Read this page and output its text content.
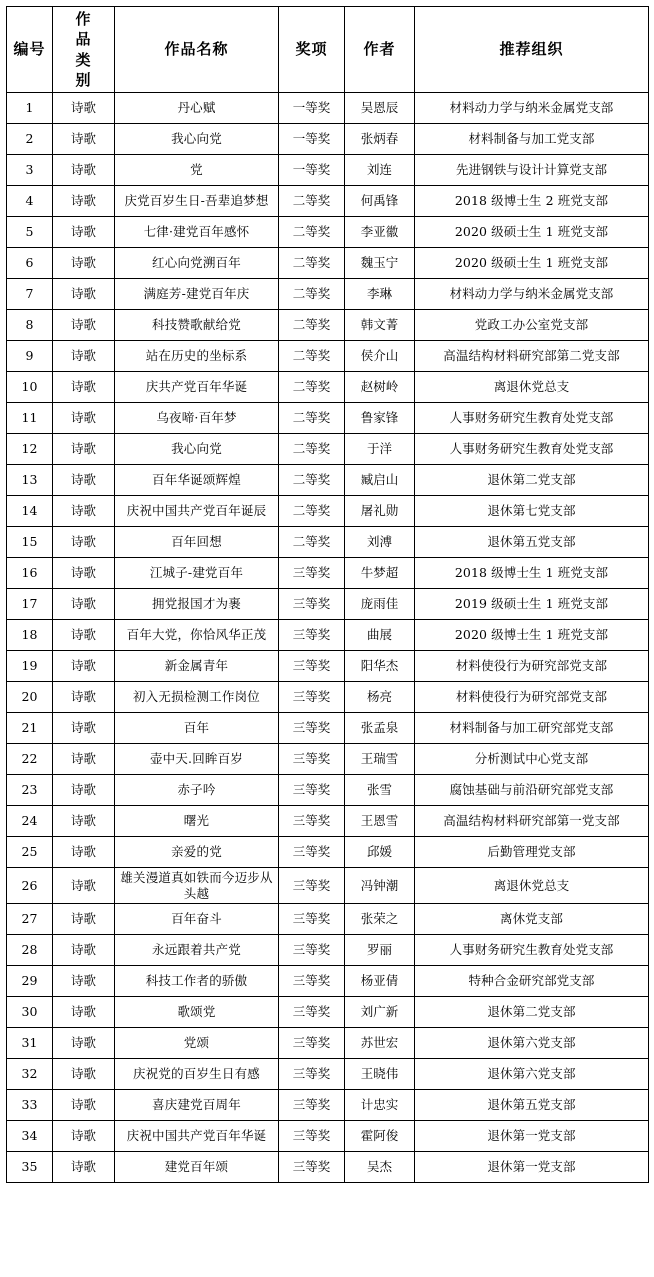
编号	作品类别	作品名称	奖项	作者	推荐组织
1	诗歌	丹心赋	一等奖	吴恩辰	材料动力学与纳米金属党支部
2	诗歌	我心向党	一等奖	张炳春	材料制备与加工党支部
3	诗歌	党	一等奖	刘连	先进钢铁与设计计算党支部
4	诗歌	庆党百岁生日-吾辈追梦想	二等奖	何禹锋	2018 级博士生 2 班党支部
5	诗歌	七律·建党百年感怀	二等奖	李亚徽	2020 级硕士生 1 班党支部
6	诗歌	红心向党溯百年	二等奖	魏玉宁	2020 级硕士生 1 班党支部
7	诗歌	满庭芳-建党百年庆	二等奖	李琳	材料动力学与纳米金属党支部
8	诗歌	科技赞歌献给党	二等奖	韩文菁	党政工办公室党支部
9	诗歌	站在历史的坐标系	二等奖	侯介山	高温结构材料研究部第二党支部
10	诗歌	庆共产党百年华诞	二等奖	赵树岭	离退休党总支
11	诗歌	乌夜啼·百年梦	二等奖	鲁家锋	人事财务研究生教育处党支部
12	诗歌	我心向党	二等奖	于洋	人事财务研究生教育处党支部
13	诗歌	百年华诞颂辉煌	二等奖	臧启山	退休第二党支部
14	诗歌	庆祝中国共产党百年诞辰	二等奖	屠礼勋	退休第七党支部
15	诗歌	百年回想	二等奖	刘溥	退休第五党支部
16	诗歌	江城子-建党百年	三等奖	牛梦超	2018 级博士生 1 班党支部
17	诗歌	拥党报国才为裹	三等奖	庞雨佳	2019 级硕士生 1 班党支部
18	诗歌	百年大党，你恰风华正茂	三等奖	曲展	2020 级博士生 1 班党支部
19	诗歌	新金属青年	三等奖	阳华杰	材料使役行为研究部党支部
20	诗歌	初入无损检测工作岗位	三等奖	杨亮	材料使役行为研究部党支部
21	诗歌	百年	三等奖	张孟泉	材料制备与加工研究部党支部
22	诗歌	壶中天.回眸百岁	三等奖	王瑞雪	分析测试中心党支部
23	诗歌	赤子吟	三等奖	张雪	腐蚀基础与前沿研究部党支部
24	诗歌	曙光	三等奖	王恩雪	高温结构材料研究部第一党支部
25	诗歌	亲爱的党	三等奖	邱媛	后勤管理党支部
26	诗歌	雄关漫道真如铁而今迈步从头越	三等奖	冯钟潮	离退休党总支
27	诗歌	百年奋斗	三等奖	张荣之	离休党支部
28	诗歌	永远跟着共产党	三等奖	罗丽	人事财务研究生教育处党支部
29	诗歌	科技工作者的骄傲	三等奖	杨亚倩	特种合金研究部党支部
30	诗歌	歌颂党	三等奖	刘广新	退休第二党支部
31	诗歌	党颂	三等奖	苏世宏	退休第六党支部
32	诗歌	庆祝党的百岁生日有感	三等奖	王晓伟	退休第六党支部
33	诗歌	喜庆建党百周年	三等奖	计忠实	退休第五党支部
34	诗歌	庆祝中国共产党百年华诞	三等奖	霍阿俊	退休第一党支部
35	诗歌	建党百年颂	三等奖	吴杰	退休第一党支部
